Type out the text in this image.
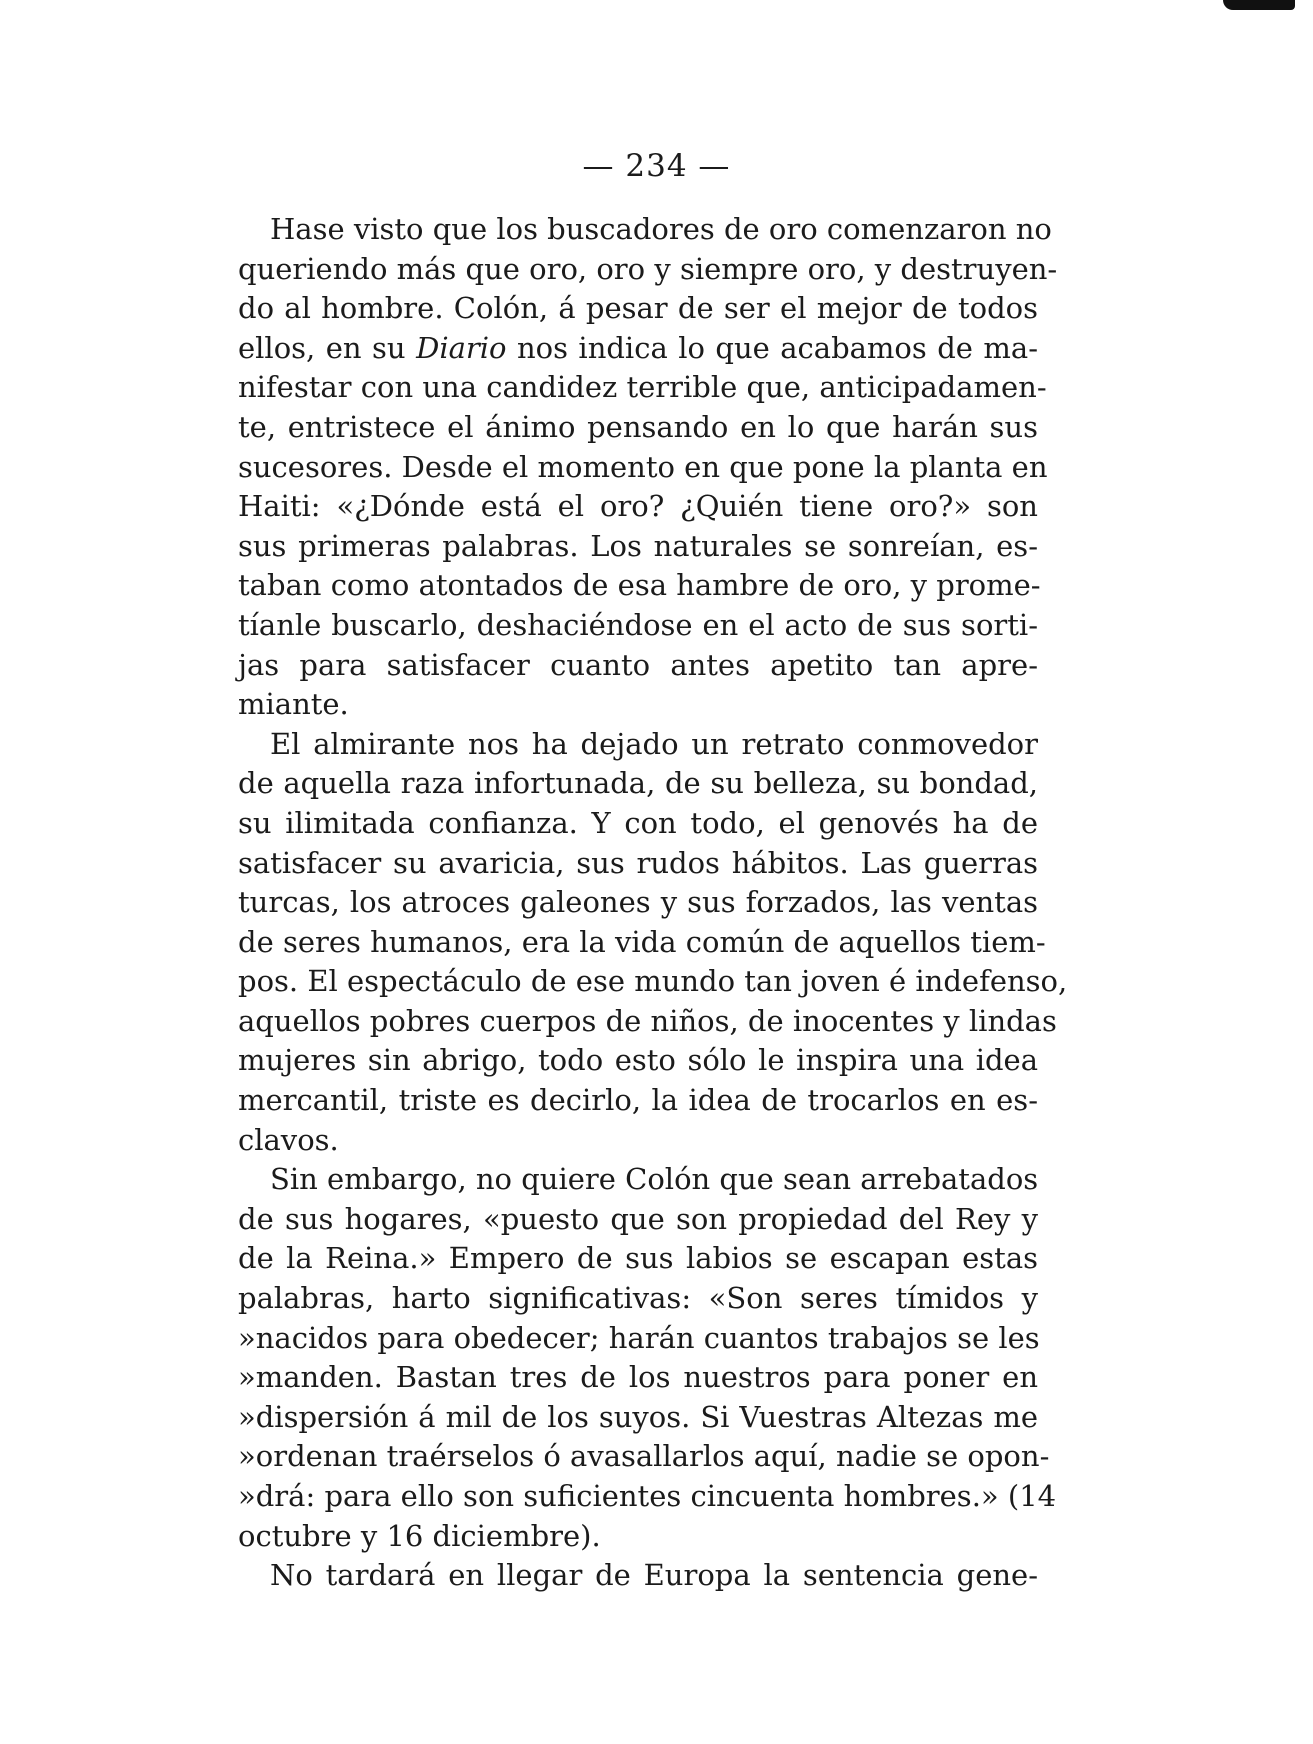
— 234 —
Hase visto que los buscadores de oro comenzaron no
queriendo más que oro, oro y siempre oro, y destruyen-
do al hombre. Colón, á pesar de ser el mejor de todos
ellos, en su Diario nos indica lo que acabamos de ma-
nifestar con una candidez terrible que, anticipadamen-
te, entristece el ánimo pensando en lo que harán sus
sucesores. Desde el momento en que pone la planta en
Haiti: «¿Dónde está el oro? ¿Quién tiene oro?» son
sus primeras palabras. Los naturales se sonreían, es-
taban como atontados de esa hambre de oro, y prome-
tíanle buscarlo, deshaciéndose en el acto de sus sorti-
jas para satisfacer cuanto antes apetito tan apre-
miante.
El almirante nos ha dejado un retrato conmovedor
de aquella raza infortunada, de su belleza, su bondad,
su ilimitada confianza. Y con todo, el genovés ha de
satisfacer su avaricia, sus rudos hábitos. Las guerras
turcas, los atroces galeones y sus forzados, las ventas
de seres humanos, era la vida común de aquellos tiem-
pos. El espectáculo de ese mundo tan joven é indefenso,
aquellos pobres cuerpos de niños, de inocentes y lindas
mujeres sin abrigo, todo esto sólo le inspira una idea
mercantil, triste es decirlo, la idea de trocarlos en es-
clavos.
Sin embargo, no quiere Colón que sean arrebatados
de sus hogares, «puesto que son propiedad del Rey y
de la Reina.» Empero de sus labios se escapan estas
palabras, harto significativas: «Son seres tímidos y
»nacidos para obedecer; harán cuantos trabajos se les
»manden. Bastan tres de los nuestros para poner en
»dispersión á mil de los suyos. Si Vuestras Altezas me
»ordenan traérselos ó avasallarlos aquí, nadie se opon-
»drá: para ello son suficientes cincuenta hombres.» (14
octubre y 16 diciembre).
No tardará en llegar de Europa la sentencia gene-
